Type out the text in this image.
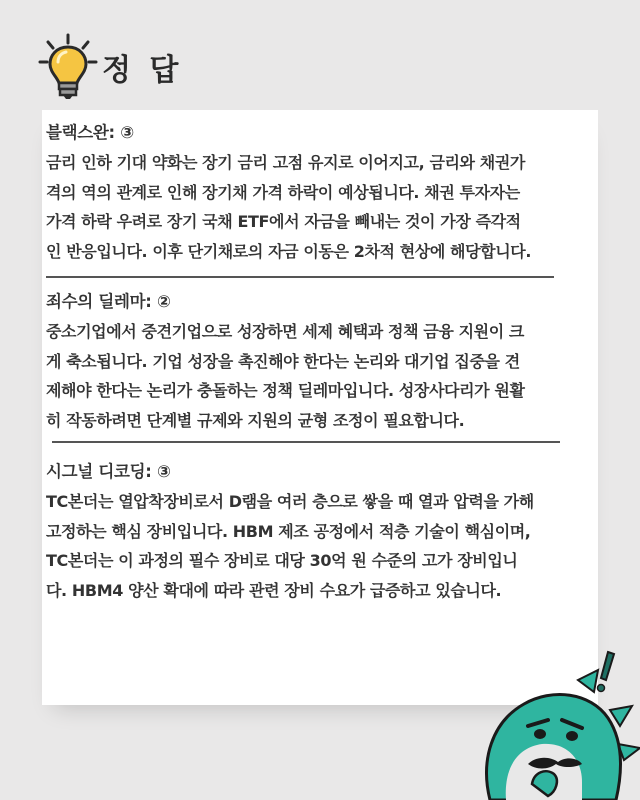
정 답
블랙스완: ③
금리 인하 기대 약화는 장기 금리 고점 유지로 이어지고, 금리와 채권가
격의 역의 관계로 인해 장기채 가격 하락이 예상됩니다. 채권 투자자는
가격 하락 우려로 장기 국채 ETF에서 자금을 빼내는 것이 가장 즉각적
인 반응입니다. 이후 단기채로의 자금 이동은 2차적 현상에 해당합니다.
죄수의 딜레마: ②
중소기업에서 중견기업으로 성장하면 세제 혜택과 정책 금융 지원이 크
게 축소됩니다. 기업 성장을 촉진해야 한다는 논리와 대기업 집중을 견
제해야 한다는 논리가 충돌하는 정책 딜레마입니다. 성장사다리가 원활
히 작동하려면 단계별 규제와 지원의 균형 조정이 필요합니다.
시그널 디코딩: ③
TC본더는 열압착장비로서 D램을 여러 층으로 쌓을 때 열과 압력을 가해
고정하는 핵심 장비입니다. HBM 제조 공정에서 적층 기술이 핵심이며,
TC본더는 이 과정의 필수 장비로 대당 30억 원 수준의 고가 장비입니
다. HBM4 양산 확대에 따라 관련 장비 수요가 급증하고 있습니다.
